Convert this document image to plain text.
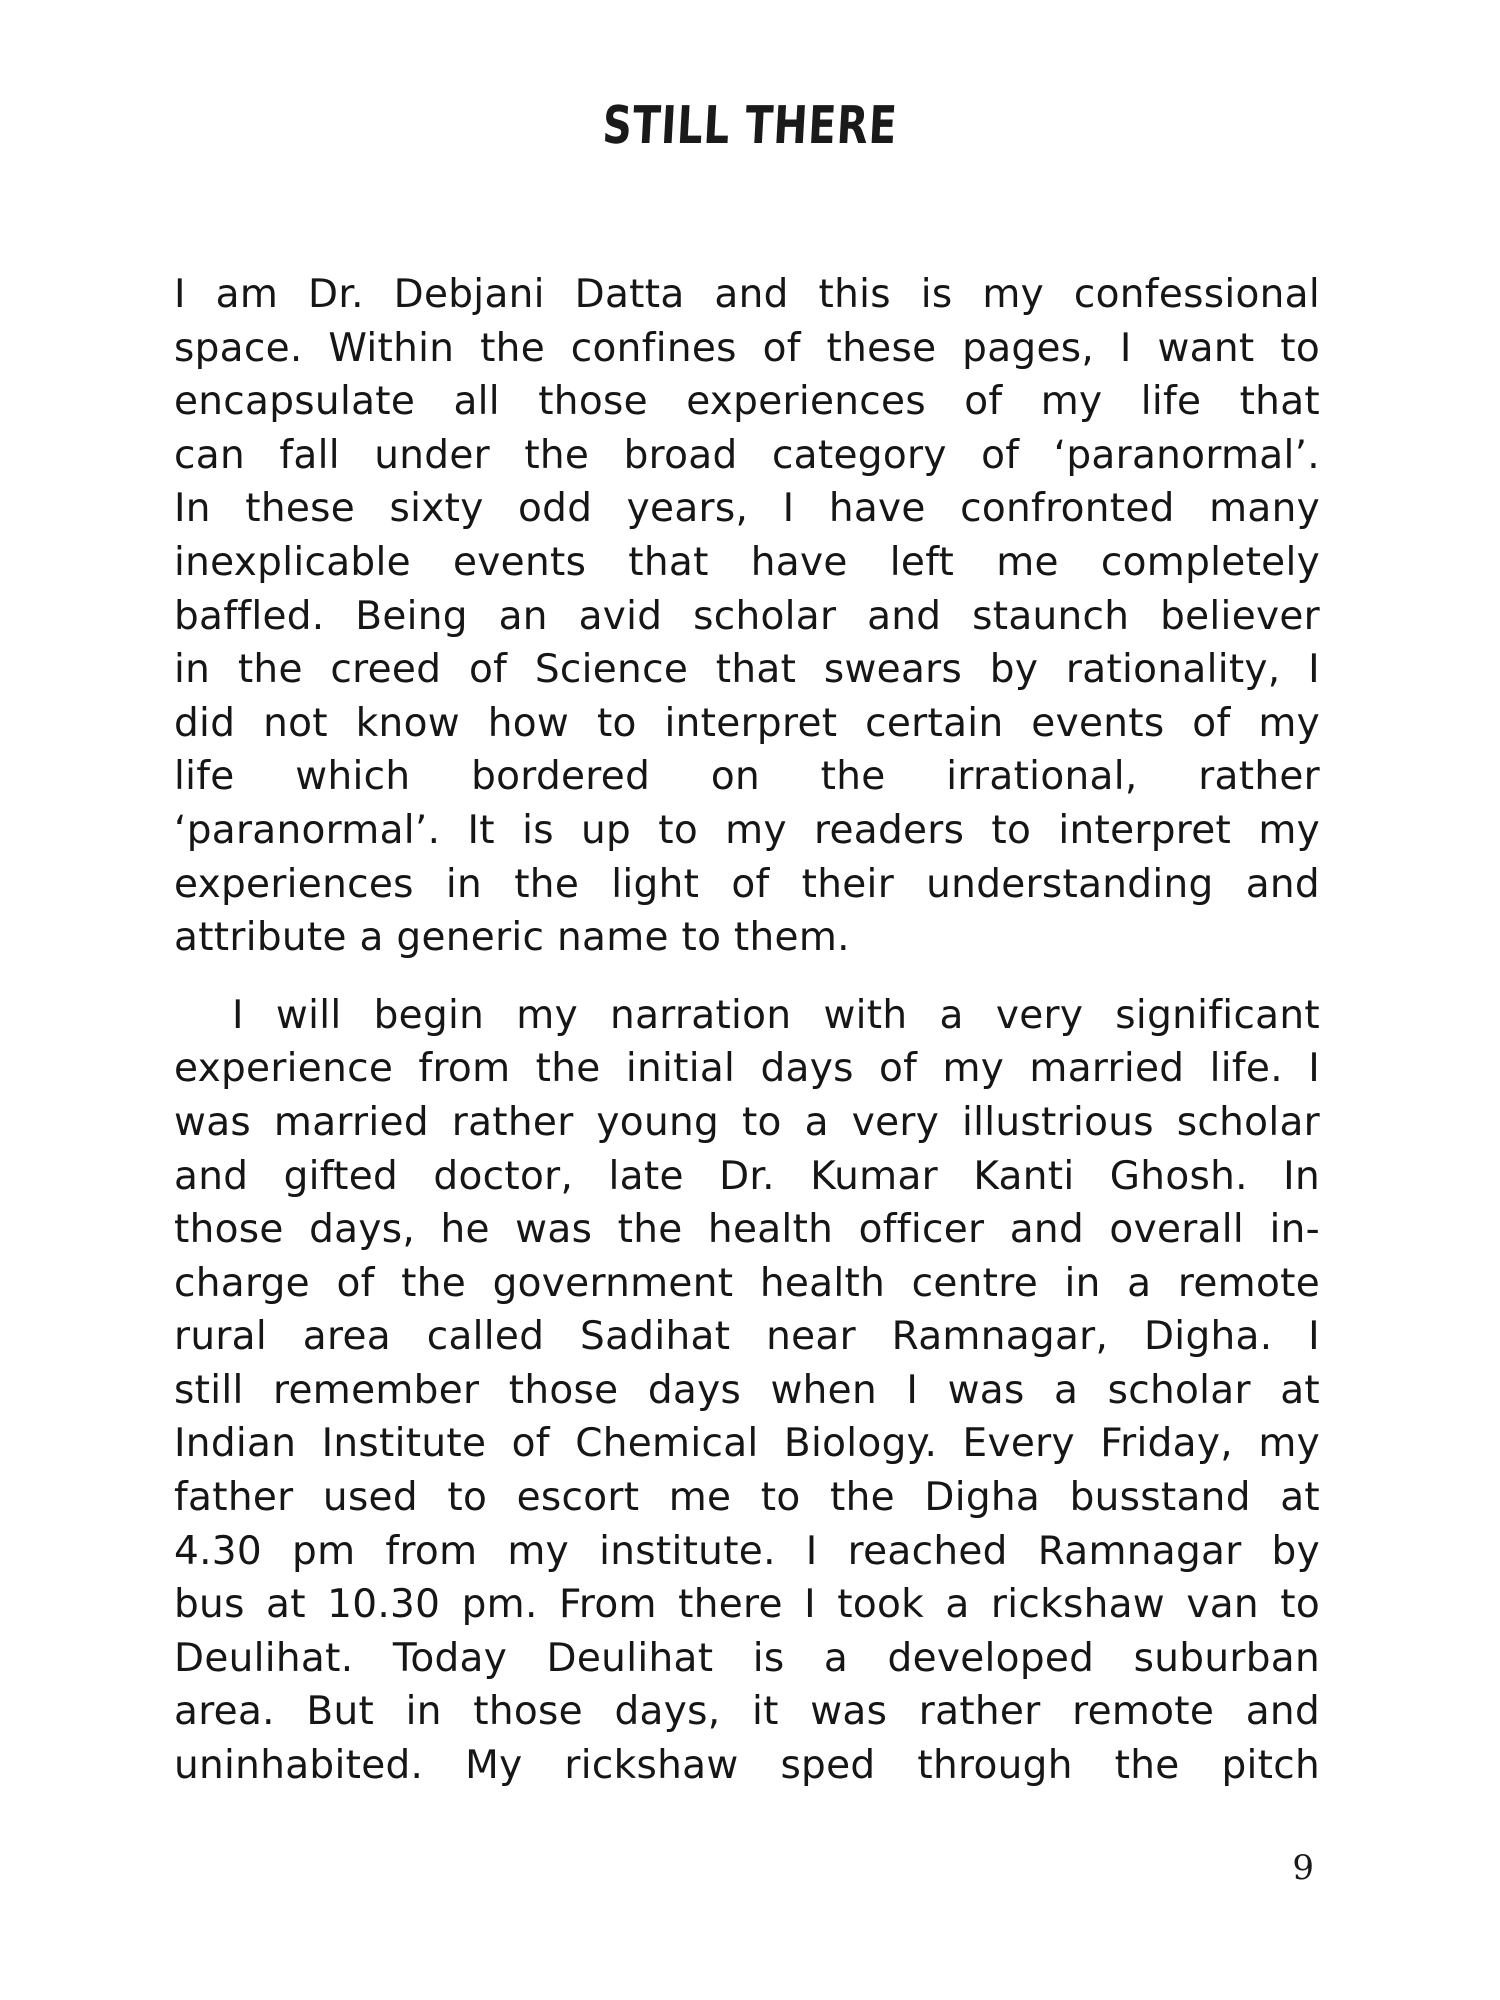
STILL THERE
I am Dr. Debjani Datta and this is my confessional
space. Within the confines of these pages, I want to
encapsulate all those experiences of my life that
can fall under the broad category of ‘paranormal’.
In these sixty odd years, I have confronted many
inexplicable events that have left me completely
baffled. Being an avid scholar and staunch believer
in the creed of Science that swears by rationality, I
did not know how to interpret certain events of my
life which bordered on the irrational, rather
‘paranormal’. It is up to my readers to interpret my
experiences in the light of their understanding and
attribute a generic name to them.
I will begin my narration with a very significant
experience from the initial days of my married life. I
was married rather young to a very illustrious scholar
and gifted doctor, late Dr. Kumar Kanti Ghosh. In
those days, he was the health officer and overall in-
charge of the government health centre in a remote
rural area called Sadihat near Ramnagar, Digha. I
still remember those days when I was a scholar at
Indian Institute of Chemical Biology. Every Friday, my
father used to escort me to the Digha busstand at
4.30 pm from my institute. I reached Ramnagar by
bus at 10.30 pm. From there I took a rickshaw van to
Deulihat. Today Deulihat is a developed suburban
area. But in those days, it was rather remote and
uninhabited. My rickshaw sped through the pitch
9
